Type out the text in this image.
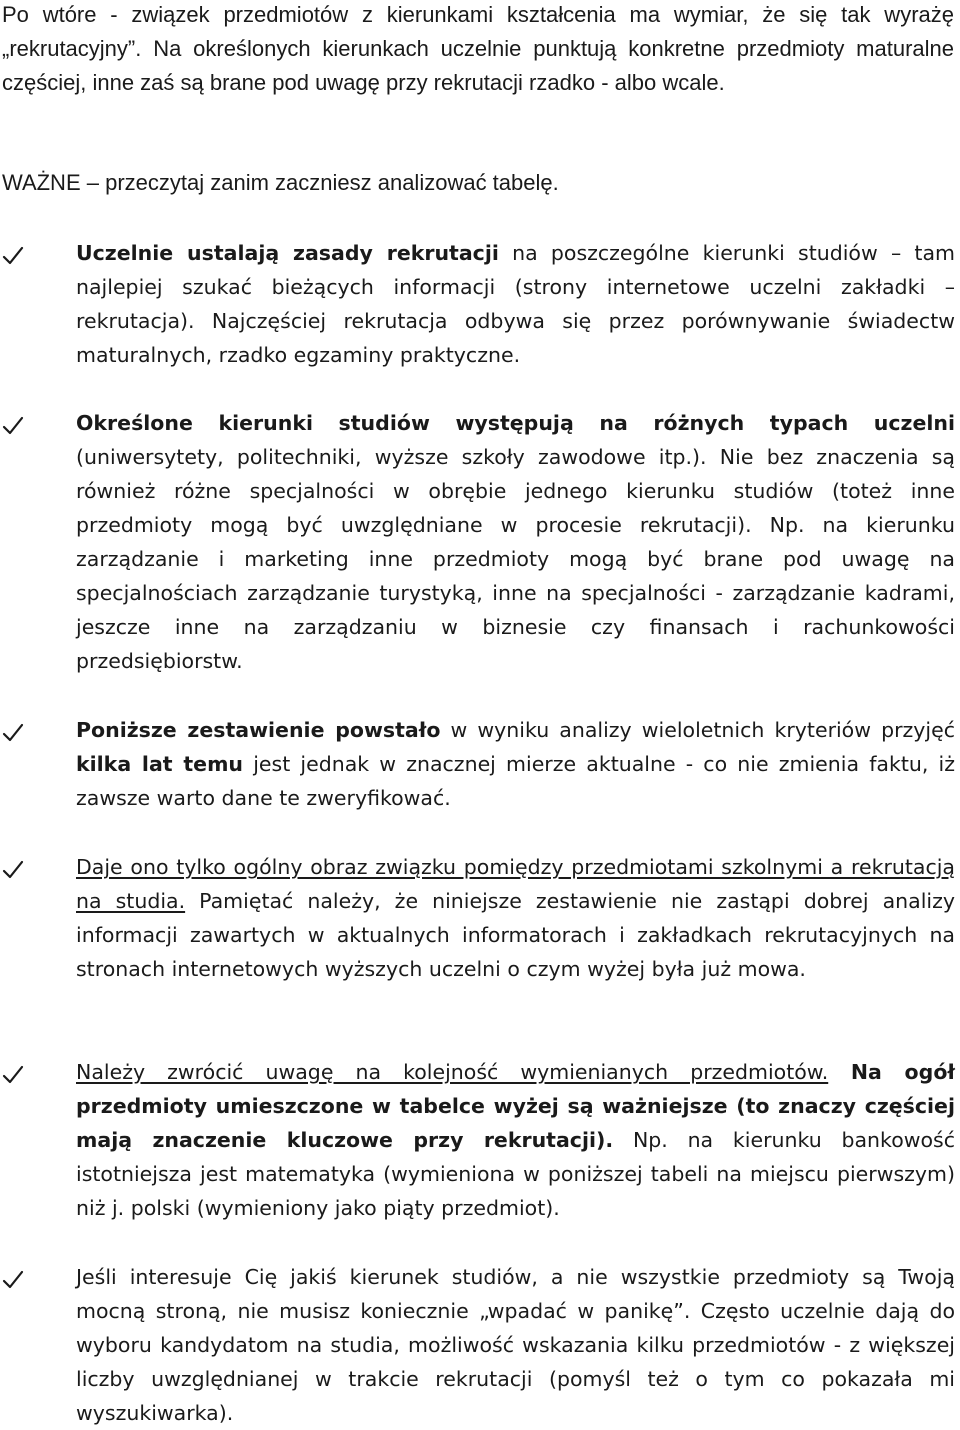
Po wtóre - związek przedmiotów z kierunkami kształcenia ma wymiar, że się tak wyrażę „rekrutacyjny”. Na określonych kierunkach uczelnie punktują konkretne przedmioty maturalne częściej, inne zaś są brane pod uwagę przy rekrutacji rzadko - albo wcale.

WAŻNE – przeczytaj zanim zaczniesz analizować tabelę.

Uczelnie ustalają zasady rekrutacji na poszczególne kierunki studiów – tam najlepiej szukać bieżących informacji (strony internetowe uczelni zakładki – rekrutacja). Najczęściej rekrutacja odbywa się przez porównywanie świadectw maturalnych, rzadko egzaminy praktyczne.

Określone kierunki studiów występują na różnych typach uczelni (uniwersytety, politechniki, wyższe szkoły zawodowe itp.). Nie bez znaczenia są również różne specjalności w obrębie jednego kierunku studiów (toteż inne przedmioty mogą być uwzględniane w procesie rekrutacji). Np. na kierunku zarządzanie i marketing inne przedmioty mogą być brane pod uwagę na specjalnościach zarządzanie turystyką, inne na specjalności - zarządzanie kadrami, jeszcze inne na zarządzaniu w biznesie czy finansach i rachunkowości przedsiębiorstw.

Poniższe zestawienie powstało w wyniku analizy wieloletnich kryteriów przyjęć kilka lat temu jest jednak w znacznej mierze aktualne - co nie zmienia faktu, iż zawsze warto dane te zweryfikować.

Daje ono tylko ogólny obraz związku pomiędzy przedmiotami szkolnymi a rekrutacją na studia. Pamiętać należy, że niniejsze zestawienie nie zastąpi dobrej analizy informacji zawartych w aktualnych informatorach i zakładkach rekrutacyjnych na stronach internetowych wyższych uczelni o czym wyżej była już mowa.

Należy zwrócić uwagę na kolejność wymienianych przedmiotów. Na ogół przedmioty umieszczone w tabelce wyżej są ważniejsze (to znaczy częściej mają znaczenie kluczowe przy rekrutacji). Np. na kierunku bankowość istotniejsza jest matematyka (wymieniona w poniższej tabeli na miejscu pierwszym) niż j. polski (wymieniony jako piąty przedmiot).

Jeśli interesuje Cię jakiś kierunek studiów, a nie wszystkie przedmioty są Twoją mocną stroną, nie musisz koniecznie „wpadać w panikę”. Często uczelnie dają do wyboru kandydatom na studia, możliwość wskazania kilku przedmiotów - z większej liczby uwzględnianej w trakcie rekrutacji (pomyśl też o tym co pokazała mi wyszukiwarka).
